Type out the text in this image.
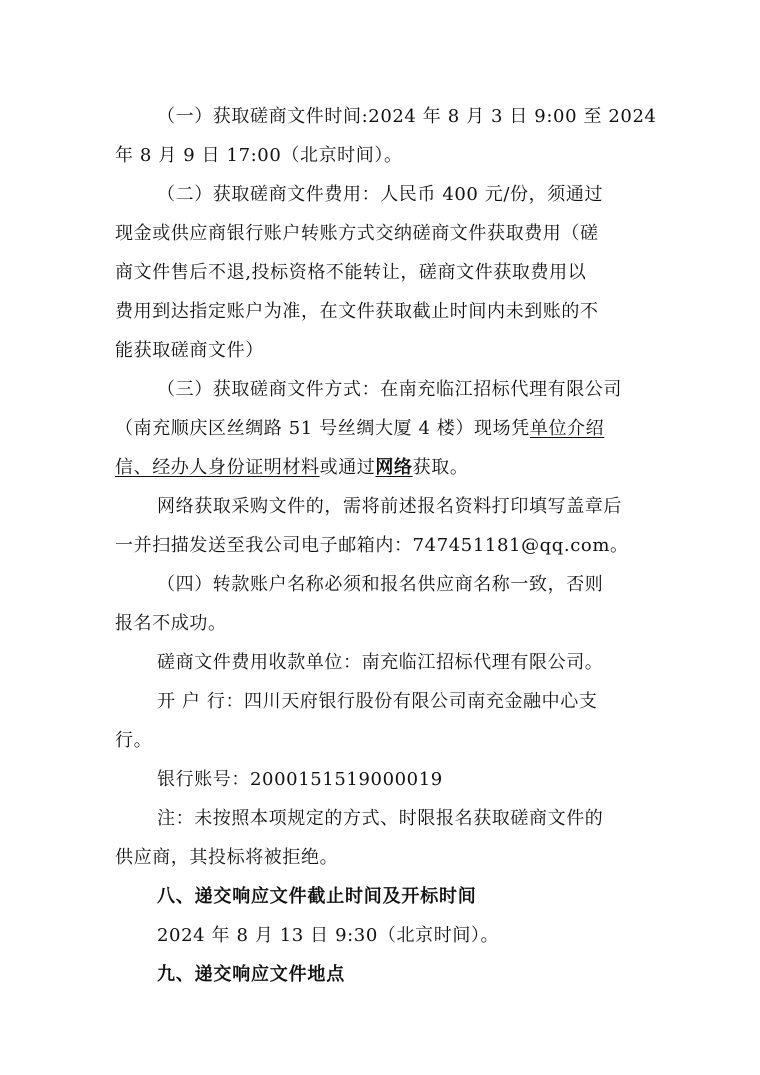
（一）获取磋商文件时间:2024 年 8 月 3 日 9:00 至 2024
年 8 月 9 日 17:00（北京时间）。
（二）获取磋商文件费用：人民币 400 元/份，须通过
现金或供应商银行账户转账方式交纳磋商文件获取费用（磋
商文件售后不退,投标资格不能转让，磋商文件获取费用以
费用到达指定账户为准，在文件获取截止时间内未到账的不
能获取磋商文件）
（三）获取磋商文件方式：在南充临江招标代理有限公司
（南充顺庆区丝绸路 51 号丝绸大厦 4 楼）现场凭单位介绍
信、经办人身份证明材料或通过网络获取。
网络获取采购文件的，需将前述报名资料打印填写盖章后
一并扫描发送至我公司电子邮箱内：747451181@qq.com。
（四）转款账户名称必须和报名供应商名称一致，否则
报名不成功。
磋商文件费用收款单位：南充临江招标代理有限公司。
开 户 行：四川天府银行股份有限公司南充金融中心支
行。
银行账号：2000151519000019
注：未按照本项规定的方式、时限报名获取磋商文件的
供应商，其投标将被拒绝。
八、递交响应文件截止时间及开标时间
2024 年 8 月 13 日 9:30（北京时间）。
九、递交响应文件地点
